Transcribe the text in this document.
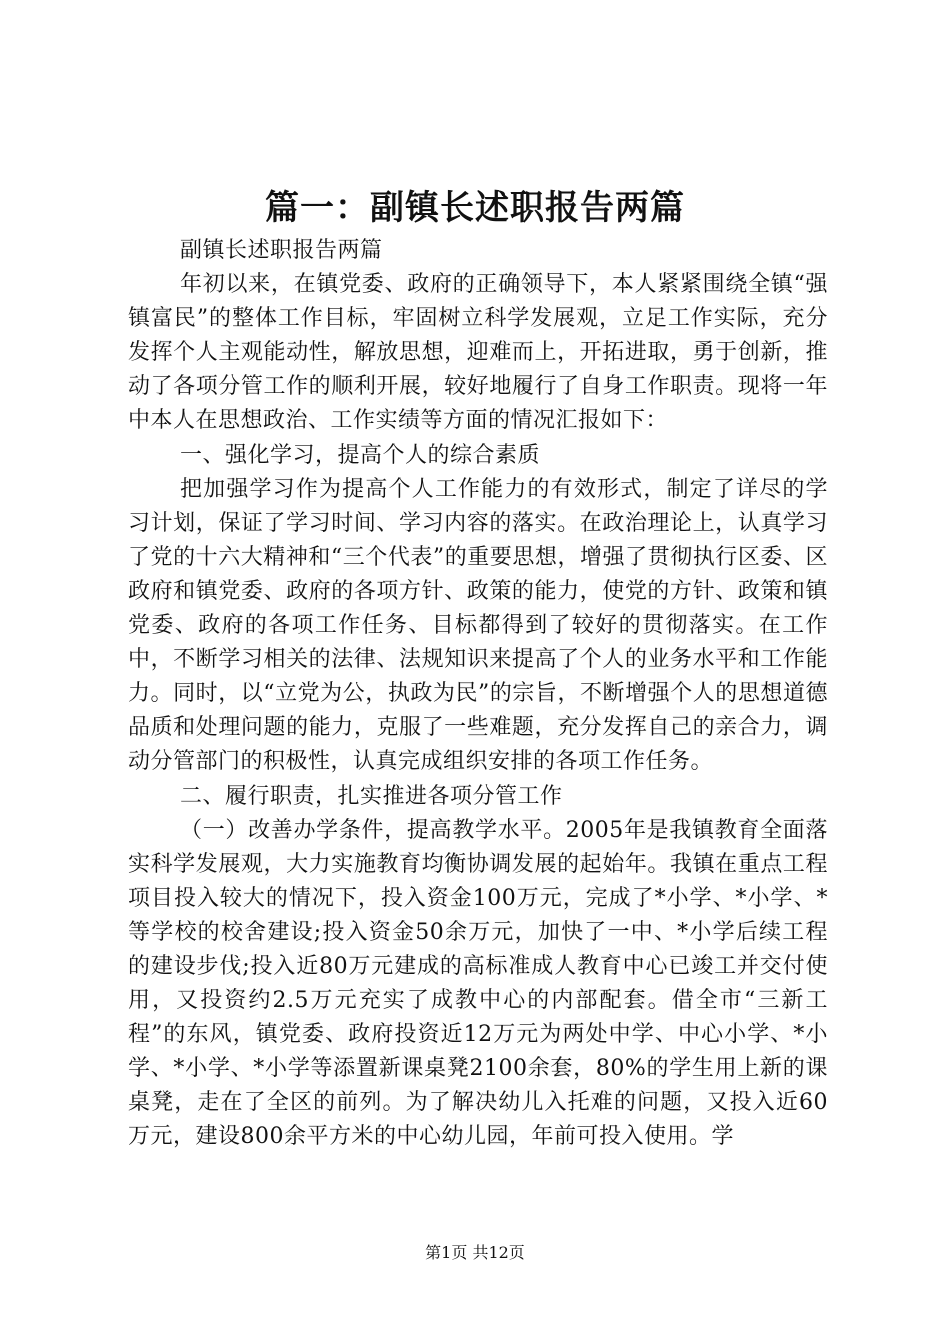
篇一：副镇长述职报告两篇

副镇长述职报告两篇

年初以来，在镇党委、政府的正确领导下，本人紧紧围绕全镇“强镇富民”的整体工作目标，牢固树立科学发展观，立足工作实际，充分发挥个人主观能动性，解放思想，迎难而上，开拓进取，勇于创新，推动了各项分管工作的顺利开展，较好地履行了自身工作职责。现将一年中本人在思想政治、工作实绩等方面的情况汇报如下：

一、强化学习，提高个人的综合素质

把加强学习作为提高个人工作能力的有效形式，制定了详尽的学习计划，保证了学习时间、学习内容的落实。在政治理论上，认真学习了党的十六大精神和“三个代表”的重要思想，增强了贯彻执行区委、区政府和镇党委、政府的各项方针、政策的能力，使党的方针、政策和镇党委、政府的各项工作任务、目标都得到了较好的贯彻落实。在工作中，不断学习相关的法律、法规知识来提高了个人的业务水平和工作能力。同时，以“立党为公，执政为民”的宗旨，不断增强个人的思想道德品质和处理问题的能力，克服了一些难题，充分发挥自己的亲合力，调动分管部门的积极性，认真完成组织安排的各项工作任务。

二、履行职责，扎实推进各项分管工作

（一）改善办学条件，提高教学水平。2005年是我镇教育全面落实科学发展观，大力实施教育均衡协调发展的起始年。我镇在重点工程项目投入较大的情况下，投入资金100万元，完成了*小学、*小学、*等学校的校舍建设;投入资金50余万元，加快了一中、*小学后续工程的建设步伐;投入近80万元建成的高标准成人教育中心已竣工并交付使用，又投资约2.5万元充实了成教中心的内部配套。借全市“三新工程”的东风，镇党委、政府投资近12万元为两处中学、中心小学、*小学、*小学、*小学等添置新课桌凳2100余套，80%的学生用上新的课桌凳，走在了全区的前列。为了解决幼儿入托难的问题，又投入近60万元，建设800余平方米的中心幼儿园，年前可投入使用。学

第1页 共12页
